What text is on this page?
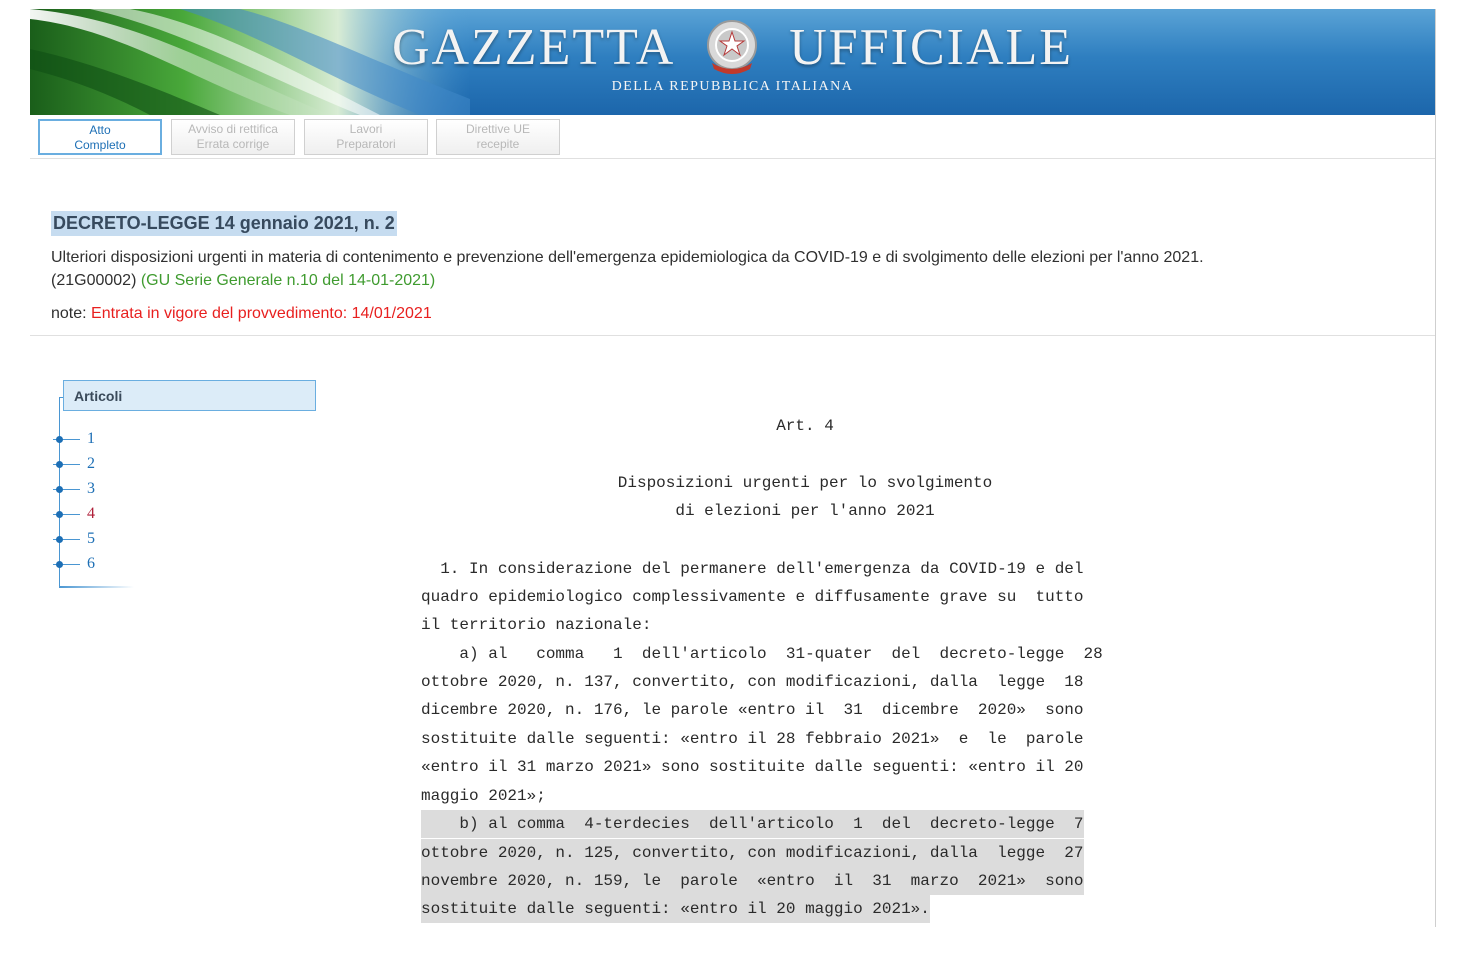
GAZZETTA UFFICIALE
DELLA REPUBBLICA ITALIANA
Atto
Completo
Avviso di rettifica
Errata corrige
Lavori
Preparatori
Direttive UE
recepite
DECRETO-LEGGE 14 gennaio 2021, n. 2
Ulteriori disposizioni urgenti in materia di contenimento e prevenzione dell'emergenza epidemiologica da COVID-19 e di svolgimento delle elezioni per l'anno 2021.
(21G00002) (GU Serie Generale n.10 del 14-01-2021)
note: Entrata in vigore del provvedimento: 14/01/2021
Articoli
1
2
3
4
5
6
Art. 4
Disposizioni urgenti per lo svolgimento
di elezioni per l'anno 2021
1. In considerazione del permanere dell'emergenza da COVID-19 e del
quadro epidemiologico complessivamente e diffusamente grave su  tutto
il territorio nazionale:
a) al   comma   1  dell'articolo  31-quater  del  decreto-legge  28
ottobre 2020, n. 137, convertito, con modificazioni, dalla  legge  18
dicembre 2020, n. 176, le parole «entro il  31  dicembre  2020»  sono
sostituite dalle seguenti: «entro il 28 febbraio 2021»  e  le  parole
«entro il 31 marzo 2021» sono sostituite dalle seguenti: «entro il 20
maggio 2021»;
b) al comma  4-terdecies  dell'articolo  1  del  decreto-legge  7
ottobre 2020, n. 125, convertito, con modificazioni, dalla  legge  27
novembre 2020, n. 159, le  parole  «entro  il  31  marzo  2021»  sono
sostituite dalle seguenti: «entro il 20 maggio 2021».
